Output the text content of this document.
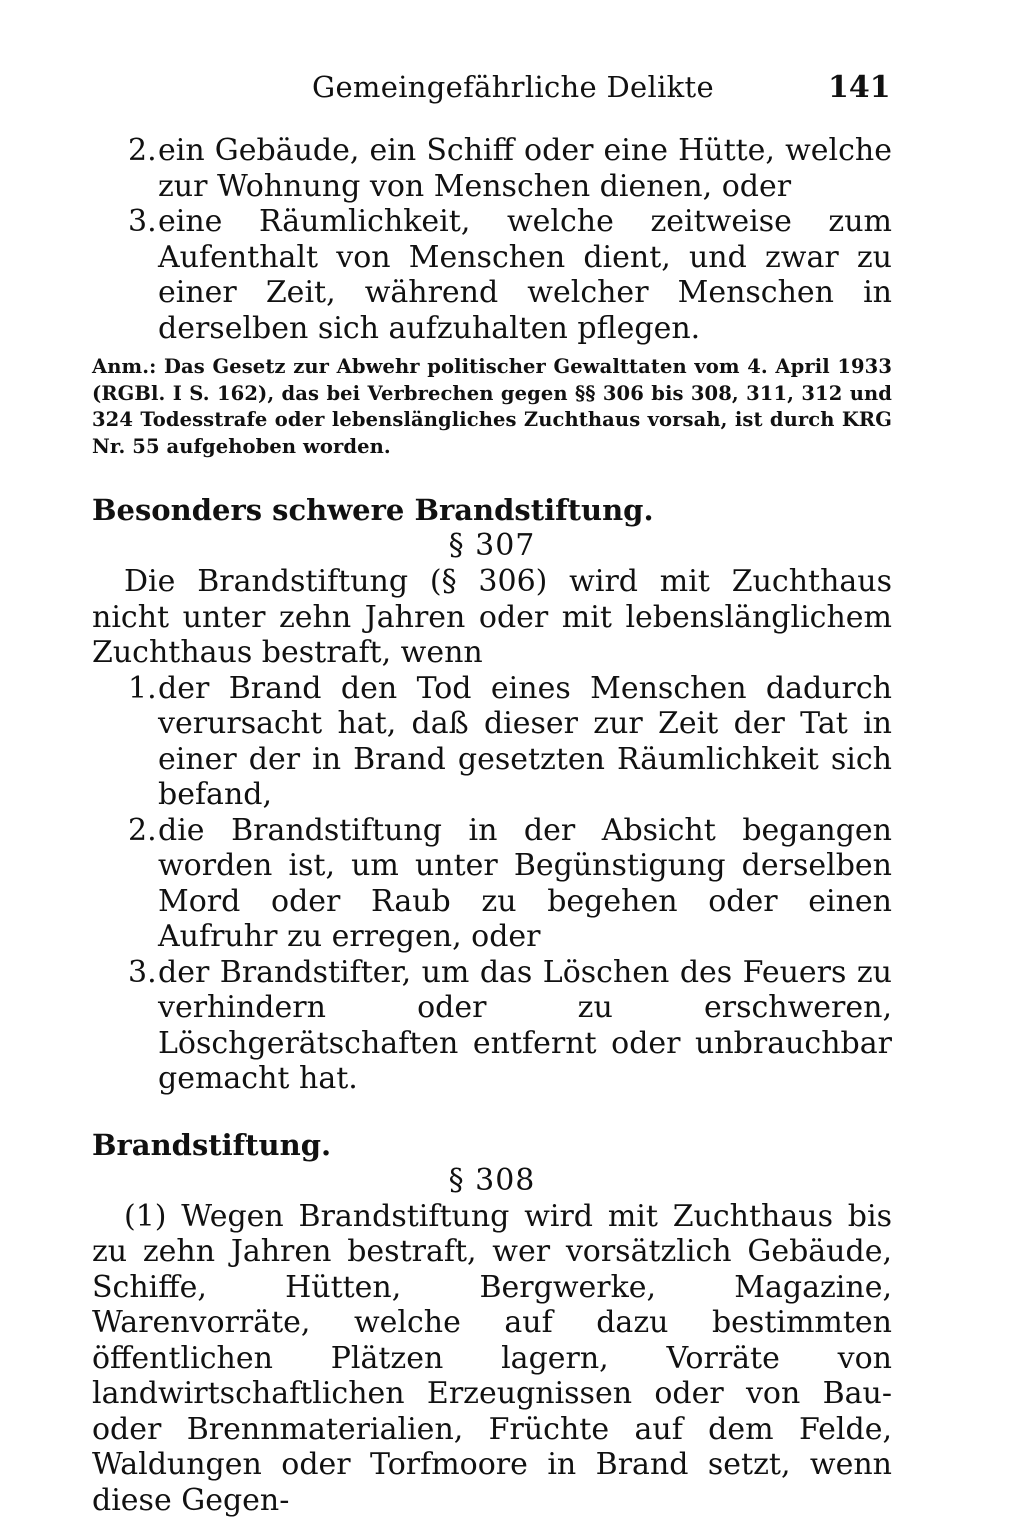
Gemeingefährliche Delikte	141
2. ein Gebäude, ein Schiff oder eine Hütte, welche zur Wohnung von Menschen dienen, oder
3. eine Räumlichkeit, welche zeitweise zum Aufenthalt von Menschen dient, und zwar zu einer Zeit, während welcher Menschen in derselben sich aufzuhalten pflegen.
Anm.: Das Gesetz zur Abwehr politischer Gewalttaten vom 4. April 1933 (RGBl. I S. 162), das bei Verbrechen gegen §§ 306 bis 308, 311, 312 und 324 Todesstrafe oder lebenslängliches Zuchthaus vorsah, ist durch KRG Nr. 55 aufgehoben worden.
Besonders schwere Brandstiftung.
§ 307

Die Brandstiftung (§ 306) wird mit Zuchthaus nicht unter zehn Jahren oder mit lebenslänglichem Zuchthaus bestraft, wenn

1. der Brand den Tod eines Menschen dadurch verursacht hat, daß dieser zur Zeit der Tat in einer der in Brand gesetzten Räumlichkeit sich befand,
2. die Brandstiftung in der Absicht begangen worden ist, um unter Begünstigung derselben Mord oder Raub zu begehen oder einen Aufruhr zu erregen, oder
3. der Brandstifter, um das Löschen des Feuers zu verhindern oder zu erschweren, Löschgerätschaften entfernt oder unbrauchbar gemacht hat.
Brandstiftung.
§ 308

(1) Wegen Brandstiftung wird mit Zuchthaus bis zu zehn Jahren bestraft, wer vorsätzlich Gebäude, Schiffe, Hütten, Bergwerke, Magazine, Warenvorräte, welche auf dazu bestimmten öffentlichen Plätzen lagern, Vorräte von landwirtschaftlichen Erzeugnissen oder von Bau- oder Brennmaterialien, Früchte auf dem Felde, Waldungen oder Torfmoore in Brand setzt, wenn diese Gegen-
